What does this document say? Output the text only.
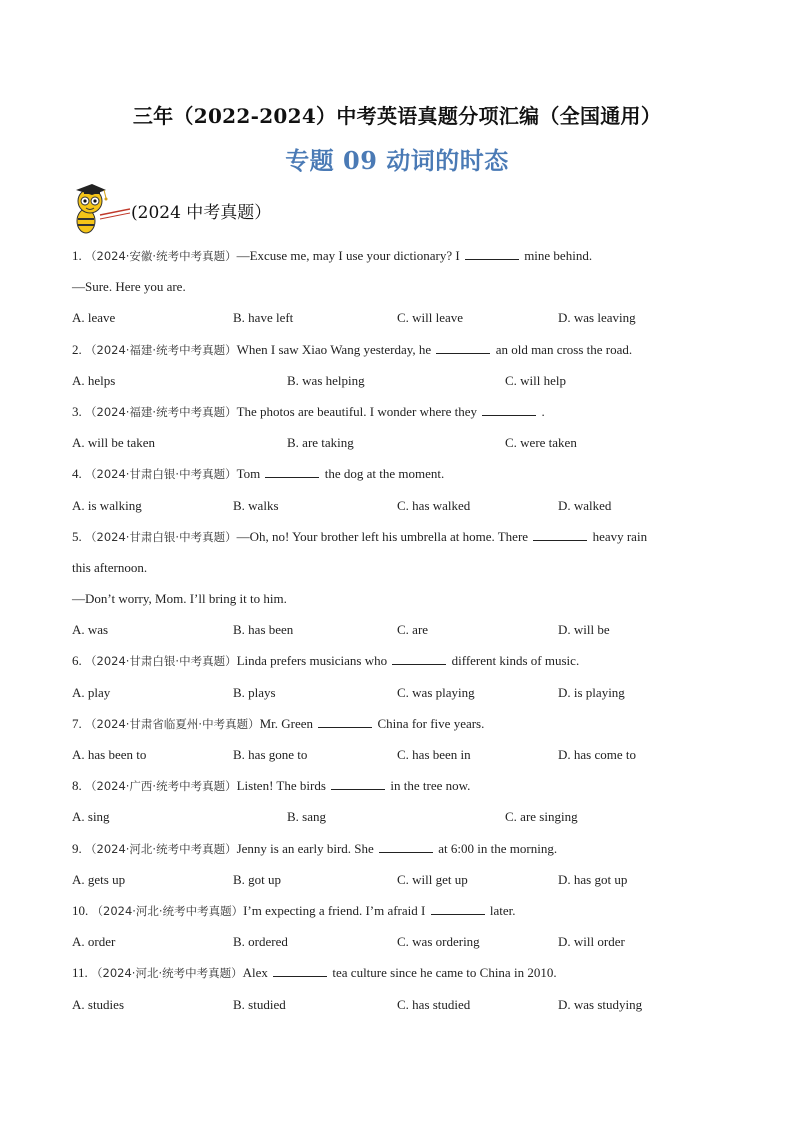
三年（2022-2024）中考英语真题分项汇编（全国通用）
专题 09 动词的时态
(2024 中考真题）
1. （2024·安徽·统考中考真题）—Excuse me, may I use your dictionary? I	mine behind.
—Sure. Here you are.
A. leave	B. have left	C. will leave	D. was leaving
2. （2024·福建·统考中考真题）When I saw Xiao Wang yesterday, he	an old man cross the road.
A. helps	B. was helping	C. will help
3. （2024·福建·统考中考真题）The photos are beautiful. I wonder where they	.
A. will be taken	B. are taking	C. were taken
4. （2024·甘肃白银·中考真题）Tom	the dog at the moment.
A. is walking	B. walks	C. has walked	D. walked
5. （2024·甘肃白银·中考真题）—Oh, no! Your brother left his umbrella at home. There	heavy rain
this afternoon.
—Don’t worry, Mom. I’ll bring it to him.
A. was	B. has been	C. are	D. will be
6. （2024·甘肃白银·中考真题）Linda prefers musicians who	different kinds of music.
A. play	B. plays	C. was playing	D. is playing
7. （2024·甘肃省临夏州·中考真题）Mr. Green	China for five years.
A. has been to	B. has gone to	C. has been in	D. has come to
8. （2024·广西·统考中考真题）Listen! The birds	in the tree now.
A. sing	B. sang	C. are singing
9. （2024·河北·统考中考真题）Jenny is an early bird. She	at 6:00 in the morning.
A. gets up	B. got up	C. will get up	D. has got up
10. （2024·河北·统考中考真题）I’m expecting a friend. I’m afraid I	later.
A. order	B. ordered	C. was ordering	D. will order
11. （2024·河北·统考中考真题）Alex	tea culture since he came to China in 2010.
A. studies	B. studied	C. has studied	D. was studying
